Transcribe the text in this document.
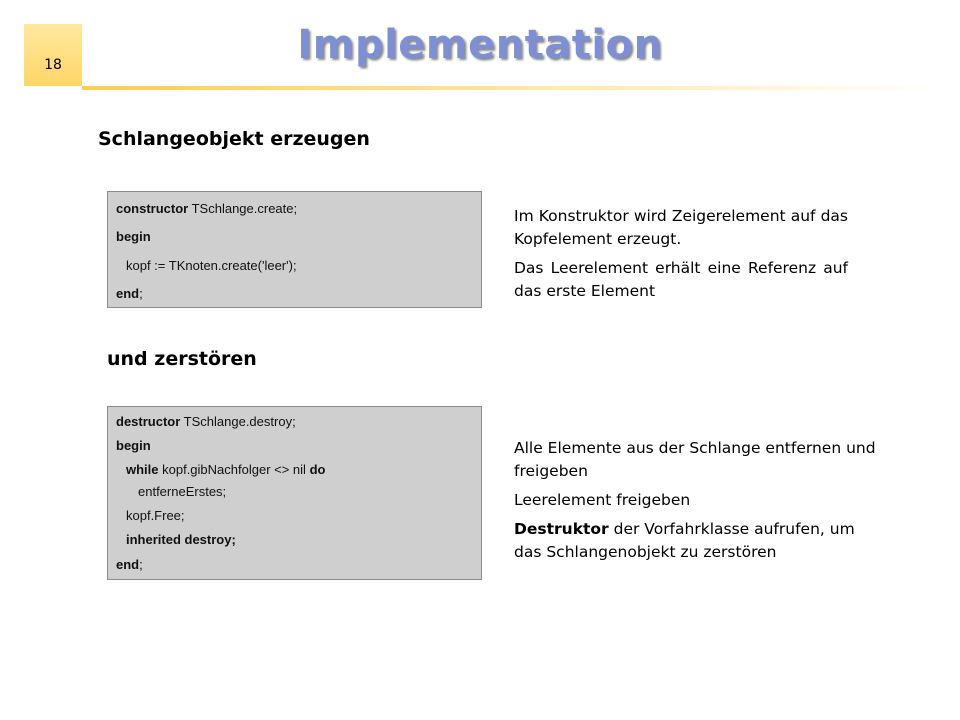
18	Implementation
Schlangeobjekt erzeugen
constructor TSchlange.create;
begin
kopf := TKnoten.create('leer');
end;
Im Konstruktor wird Zeigerelement auf das Kopfelement erzeugt.
Das Leerelement erhält eine Referenz auf das erste Element
und zerstören
destructor TSchlange.destroy;
begin
while kopf.gibNachfolger <> nil do
entferneErstes;
kopf.Free;
inherited destroy;
end;
Alle Elemente aus der Schlange entfernen und freigeben
Leerelement freigeben
Destruktor der Vorfahrklasse aufrufen, um das Schlangenobjekt zu zerstören
